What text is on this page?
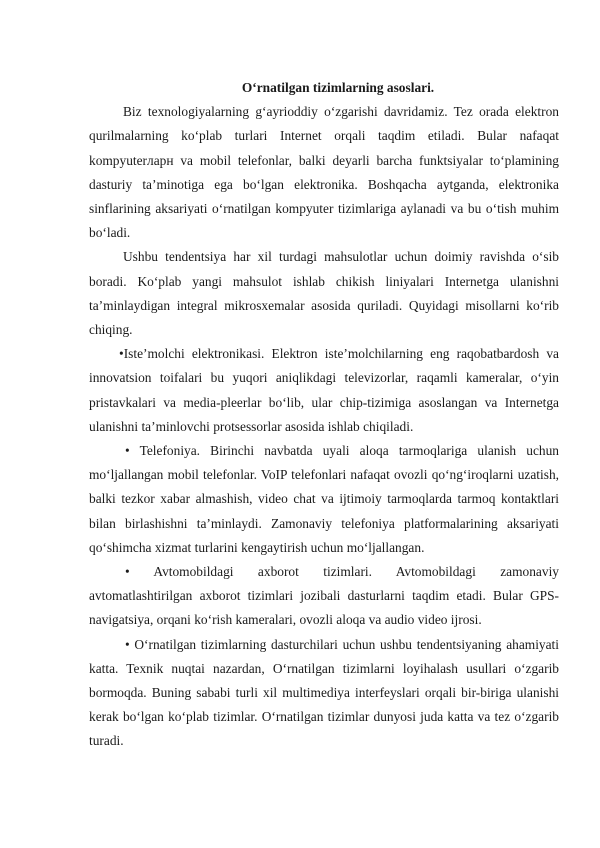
O‘rnatilgan tizimlarning asoslari.

Biz texnologiyalarning g‘ayrioddiy o‘zgarishi davridamiz. Tez orada elektron qurilmalarning ko‘plab turlari Internet orqali taqdim etiladi. Bular nafaqat kompyuterларн va mobil telefonlar, balki deyarli barcha funktsiyalar to‘plamining dasturiy ta’minotiga ega bo‘lgan elektronika. Boshqacha aytganda, elektronika sinflarining aksariyati o‘rnatilgan kompyuter tizimlariga aylanadi va bu o‘tish muhim bo‘ladi.

Ushbu tendentsiya har xil turdagi mahsulotlar uchun doimiy ravishda o‘sib boradi. Ko‘plab yangi mahsulot ishlab chikish liniyalari Internetga ulanishni ta’minlaydigan integral mikrosxemalar asosida quriladi. Quyidagi misollarni ko‘rib chiqing.

•Iste’molchi elektronikasi. Elektron iste’molchilarning eng raqobatbardosh va innovatsion toifalari bu yuqori aniqlikdagi televizorlar, raqamli kameralar, o‘yin pristavkalari va media-pleerlar bo‘lib, ular chip-tizimiga asoslangan va Internetga ulanishni ta’minlovchi protsessorlar asosida ishlab chiqiladi.

• Telefoniya. Birinchi navbatda uyali aloqa tarmoqlariga ulanish uchun mo‘ljallangan mobil telefonlar. VoIP telefonlari nafaqat ovozli qo‘ng‘iroqlarni uzatish, balki tezkor xabar almashish, video chat va ijtimoiy tarmoqlarda tarmoq kontaktlari bilan birlashishni ta’minlaydi. Zamonaviy telefoniya platformalarining aksariyati qo‘shimcha xizmat turlarini kengaytirish uchun mo‘ljallangan.

• Avtomobildagi axborot tizimlari. Avtomobildagi zamonaviy avtomatlashtirilgan axborot tizimlari jozibali dasturlarni taqdim etadi. Bular GPS-navigatsiya, orqani ko‘rish kameralari, ovozli aloqa va audio video ijrosi.

• O‘rnatilgan tizimlarning dasturchilari uchun ushbu tendentsiyaning ahamiyati katta. Texnik nuqtai nazardan, O‘rnatilgan tizimlarni loyihalash usullari o‘zgarib bormoqda. Buning sababi turli xil multimediya interfeyslari orqali bir-biriga ulanishi kerak bo‘lgan ko‘plab tizimlar. O‘rnatilgan tizimlar dunyosi juda katta va tez o‘zgarib turadi.
